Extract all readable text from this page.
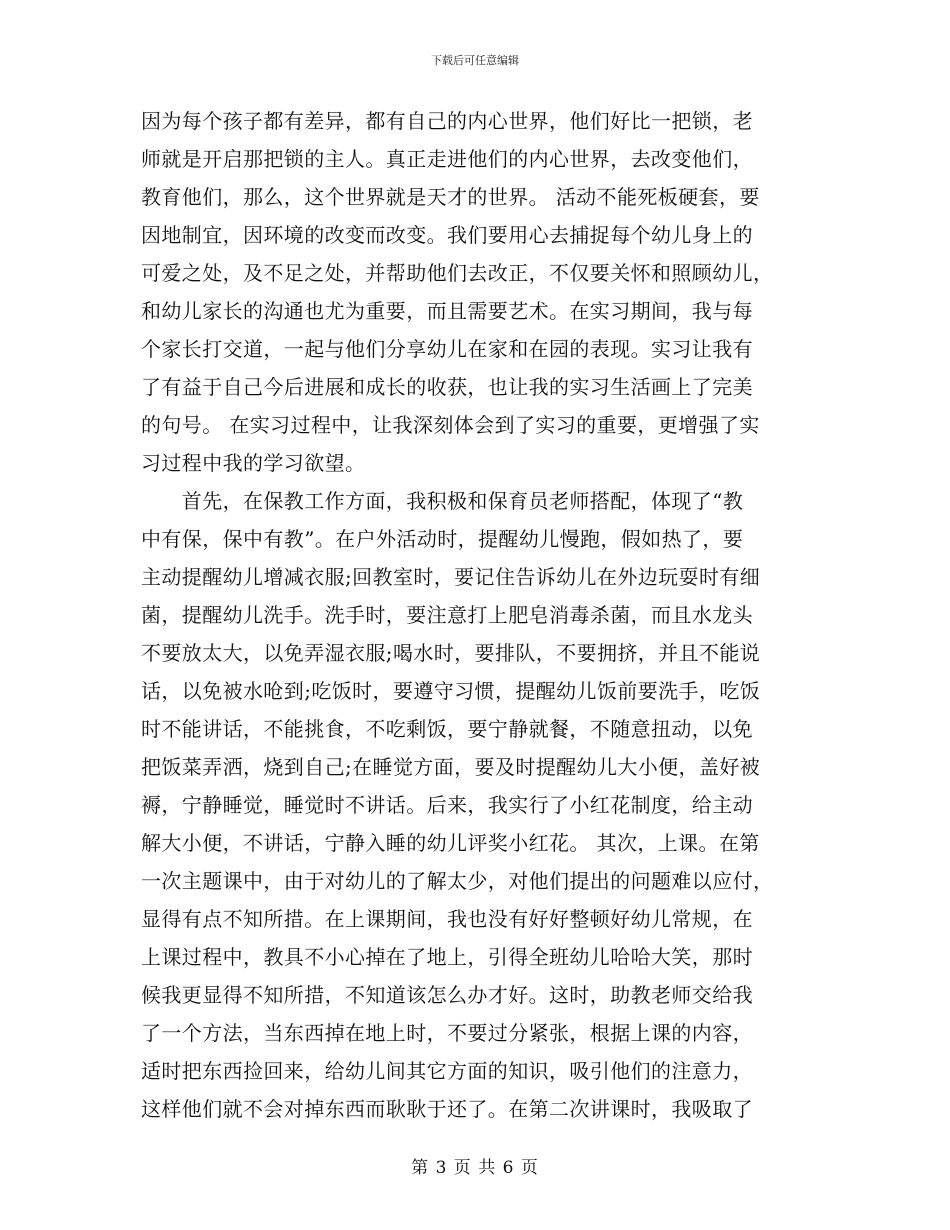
下载后可任意编辑
因为每个孩子都有差异，都有自己的内心世界，他们好比一把锁，老
师就是开启那把锁的主人。真正走进他们的内心世界，去改变他们，
教育他们，那么，这个世界就是天才的世界。 活动不能死板硬套，要
因地制宜，因环境的改变而改变。我们要用心去捕捉每个幼儿身上的
可爱之处，及不足之处，并帮助他们去改正，不仅要关怀和照顾幼儿，
和幼儿家长的沟通也尤为重要，而且需要艺术。在实习期间，我与每
个家长打交道，一起与他们分享幼儿在家和在园的表现。实习让我有
了有益于自己今后进展和成长的收获，也让我的实习生活画上了完美
的句号。 在实习过程中，让我深刻体会到了实习的重要，更增强了实
习过程中我的学习欲望。
　　首先，在保教工作方面，我积极和保育员老师搭配，体现了“教
中有保，保中有教”。在户外活动时，提醒幼儿慢跑，假如热了，要
主动提醒幼儿增减衣服;回教室时，要记住告诉幼儿在外边玩耍时有细
菌，提醒幼儿洗手。洗手时，要注意打上肥皂消毒杀菌，而且水龙头
不要放太大，以免弄湿衣服;喝水时，要排队，不要拥挤，并且不能说
话，以免被水呛到;吃饭时，要遵守习惯，提醒幼儿饭前要洗手，吃饭
时不能讲话，不能挑食，不吃剩饭，要宁静就餐，不随意扭动，以免
把饭菜弄洒，烧到自己;在睡觉方面，要及时提醒幼儿大小便，盖好被
褥，宁静睡觉，睡觉时不讲话。后来，我实行了小红花制度，给主动
解大小便，不讲话，宁静入睡的幼儿评奖小红花。 其次，上课。在第
一次主题课中，由于对幼儿的了解太少，对他们提出的问题难以应付，
显得有点不知所措。在上课期间，我也没有好好整顿好幼儿常规，在
上课过程中，教具不小心掉在了地上，引得全班幼儿哈哈大笑，那时
候我更显得不知所措，不知道该怎么办才好。这时，助教老师交给我
了一个方法，当东西掉在地上时，不要过分紧张，根据上课的内容，
适时把东西捡回来，给幼儿间其它方面的知识，吸引他们的注意力，
这样他们就不会对掉东西而耿耿于还了。在第二次讲课时，我吸取了
第 3 页 共 6 页
